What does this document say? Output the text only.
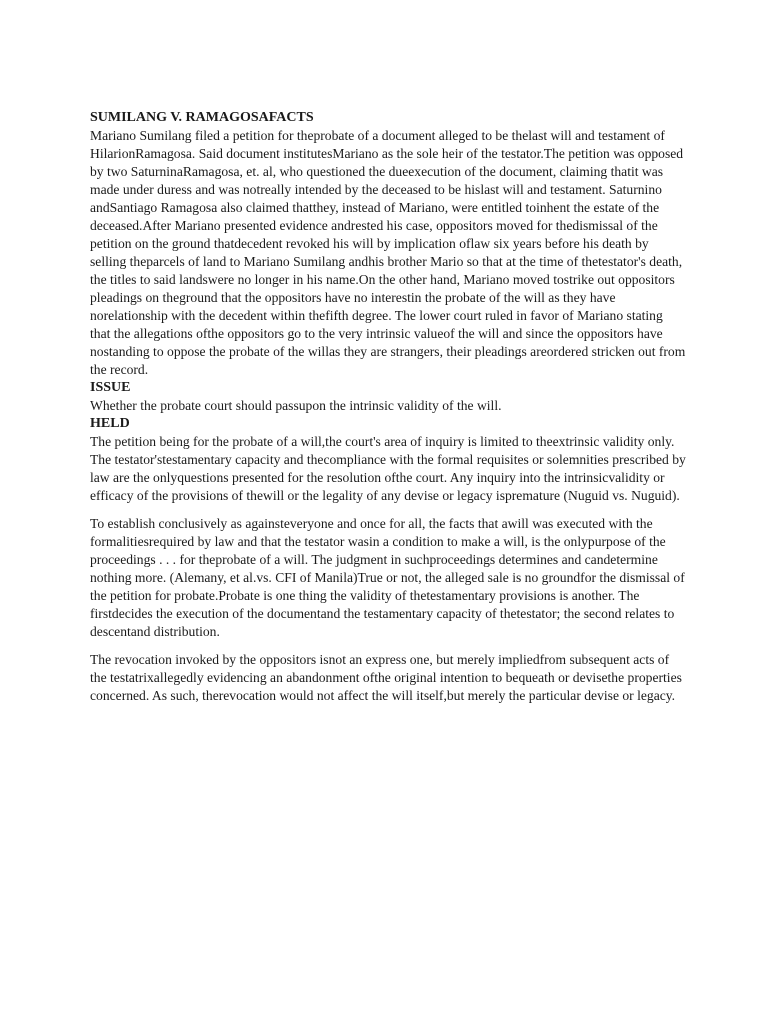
SUMILANG V. RAMAGOSAFACTS

Mariano Sumilang filed a petition for theprobate of a document alleged to be thelast will and testament of HilarionRamagosa. Said document institutesMariano as the sole heir of the testator.The petition was opposed by two SaturninaRamagosa, et. al, who questioned the dueexecution of the document, claiming thatit was made under duress and was notreally intended by the deceased to be hislast will and testament. Saturnino andSantiago Ramagosa also claimed thatthey, instead of Mariano, were entitled toinhent the estate of the deceased.After Mariano presented evidence andrested his case, oppositors moved for thedismissal of the petition on the ground thatdecedent revoked his will by implication oflaw six years before his death by selling theparcels of land to Mariano Sumilang andhis brother Mario so that at the time of thetestator's death, the titles to said landswere no longer in his name.On the other hand, Mariano moved tostrike out oppositors pleadings on theground that the oppositors have no interestin the probate of the will as they have norelationship with the decedent within thefifth degree. The lower court ruled in favor of Mariano stating that the allegations ofthe oppositors go to the very intrinsic valueof the will and since the oppositors have nostanding to oppose the probate of the willas they are strangers, their pleadings areordered stricken out from the record.

ISSUE

Whether the probate court should passupon the intrinsic validity of the will.

HELD

The petition being for the probate of a will,the court's area of inquiry is limited to theextrinsic validity only. The testator'stestamentary capacity and thecompliance with the formal requisites or solemnities prescribed by law are the onlyquestions presented for the resolution ofthe court. Any inquiry into the intrinsicvalidity or efficacy of the provisions of thewill or the legality of any devise or legacy ispremature (Nuguid vs. Nuguid).

To establish conclusively as againsteveryone and once for all, the facts that awill was executed with the formalitiesrequired by law and that the testator wasin a condition to make a will, is the onlypurpose of the proceedings . . . for theprobate of a will. The judgment in suchproceedings determines and candetermine nothing more. (Alemany, et al.vs. CFI of Manila)True or not, the alleged sale is no groundfor the dismissal of the petition for probate.Probate is one thing the validity of thetestamentary provisions is another. The firstdecides the execution of the documentand the testamentary capacity of thetestator; the second relates to descentand distribution.

The revocation invoked by the oppositors isnot an express one, but merely impliedfrom subsequent acts of the testatrixallegedly evidencing an abandonment ofthe original intention to bequeath or devisethe properties concerned. As such, therevocation would not affect the will itself,but merely the particular devise or legacy.
